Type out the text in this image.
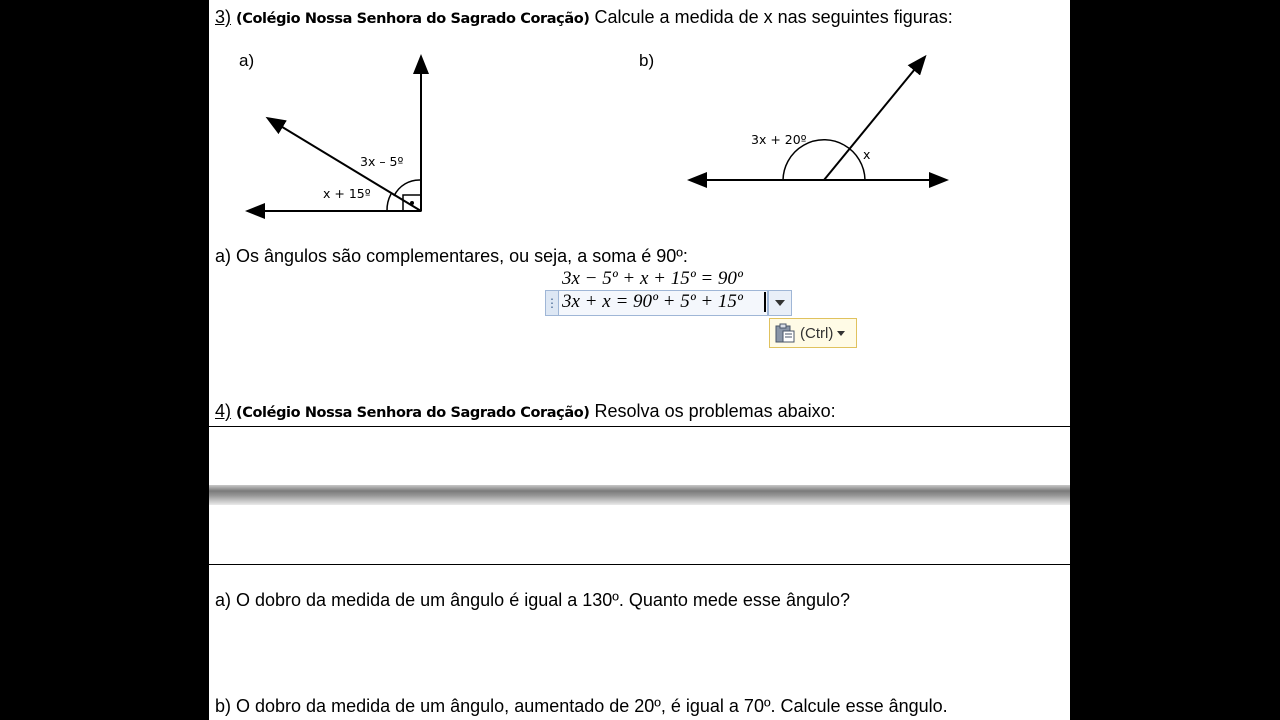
3) (Colégio Nossa Senhora do Sagrado Coração) Calcule a medida de x nas seguintes figuras:
a)
3x – 5º
x + 15º
b)
3x + 20º
x
a) Os ângulos são complementares, ou seja, a soma é 90º:
3x − 5º + x + 15º = 90º
⋮ 3x + x = 90º + 5º + 15º
(Ctrl)
4) (Colégio Nossa Senhora do Sagrado Coração) Resolva os problemas abaixo:
a) O dobro da medida de um ângulo é igual a 130º. Quanto mede esse ângulo?
b) O dobro da medida de um ângulo, aumentado de 20º, é igual a 70º. Calcule esse ângulo.
